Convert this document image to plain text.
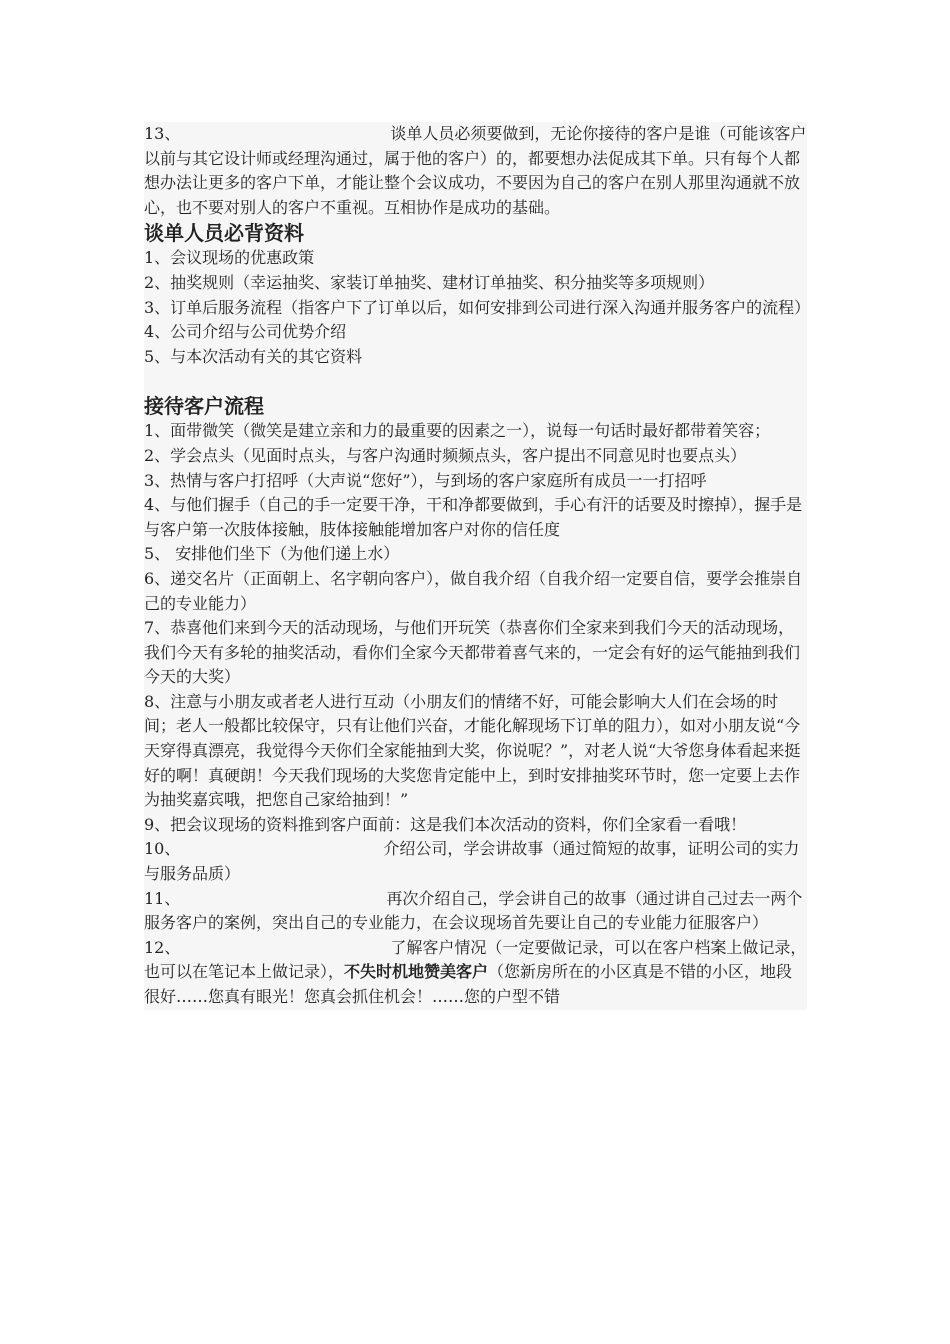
13、	谈单人员必须要做到，无论你接待的客户是谁（可能该客户以前与其它设计师或经理沟通过，属于他的客户）的，都要想办法促成其下单。只有每个人都想办法让更多的客户下单，才能让整个会议成功，不要因为自己的客户在别人那里沟通就不放心，也不要对别人的客户不重视。互相协作是成功的基础。

谈单人员必背资料

1、会议现场的优惠政策

2、抽奖规则（幸运抽奖、家装订单抽奖、建材订单抽奖、积分抽奖等多项规则）

3、订单后服务流程（指客户下了订单以后，如何安排到公司进行深入沟通并服务客户的流程）

4、公司介绍与公司优势介绍

5、与本次活动有关的其它资料

接待客户流程

1、面带微笑（微笑是建立亲和力的最重要的因素之一），说每一句话时最好都带着笑容；

2、学会点头（见面时点头，与客户沟通时频频点头，客户提出不同意见时也要点头）

3、热情与客户打招呼（大声说“您好”），与到场的客户家庭所有成员一一打招呼

4、与他们握手（自己的手一定要干净，干和净都要做到，手心有汗的话要及时擦掉），握手是与客户第一次肢体接触，肢体接触能增加客户对你的信任度

5、 安排他们坐下（为他们递上水）

6、递交名片（正面朝上、名字朝向客户），做自我介绍（自我介绍一定要自信，要学会推崇自己的专业能力）

7、恭喜他们来到今天的活动现场，与他们开玩笑（恭喜你们全家来到我们今天的活动现场，我们今天有多轮的抽奖活动，看你们全家今天都带着喜气来的，一定会有好的运气能抽到我们今天的大奖）

8、注意与小朋友或者老人进行互动（小朋友们的情绪不好，可能会影响大人们在会场的时间；老人一般都比较保守，只有让他们兴奋，才能化解现场下订单的阻力），如对小朋友说“今天穿得真漂亮，我觉得今天你们全家能抽到大奖，你说呢？”，对老人说“大爷您身体看起来挺好的啊！真硬朗！今天我们现场的大奖您肯定能中上，到时安排抽奖环节时，您一定要上去作为抽奖嘉宾哦，把您自己家给抽到！”

9、把会议现场的资料推到客户面前：这是我们本次活动的资料，你们全家看一看哦！

10、	介绍公司，学会讲故事（通过简短的故事，证明公司的实力与服务品质）

11、	再次介绍自己，学会讲自己的故事（通过讲自己过去一两个服务客户的案例，突出自己的专业能力，在会议现场首先要让自己的专业能力征服客户）

12、	了解客户情况（一定要做记录，可以在客户档案上做记录，也可以在笔记本上做记录），不失时机地赞美客户（您新房所在的小区真是不错的小区，地段很好……您真有眼光！您真会抓住机会！……您的户型不错
